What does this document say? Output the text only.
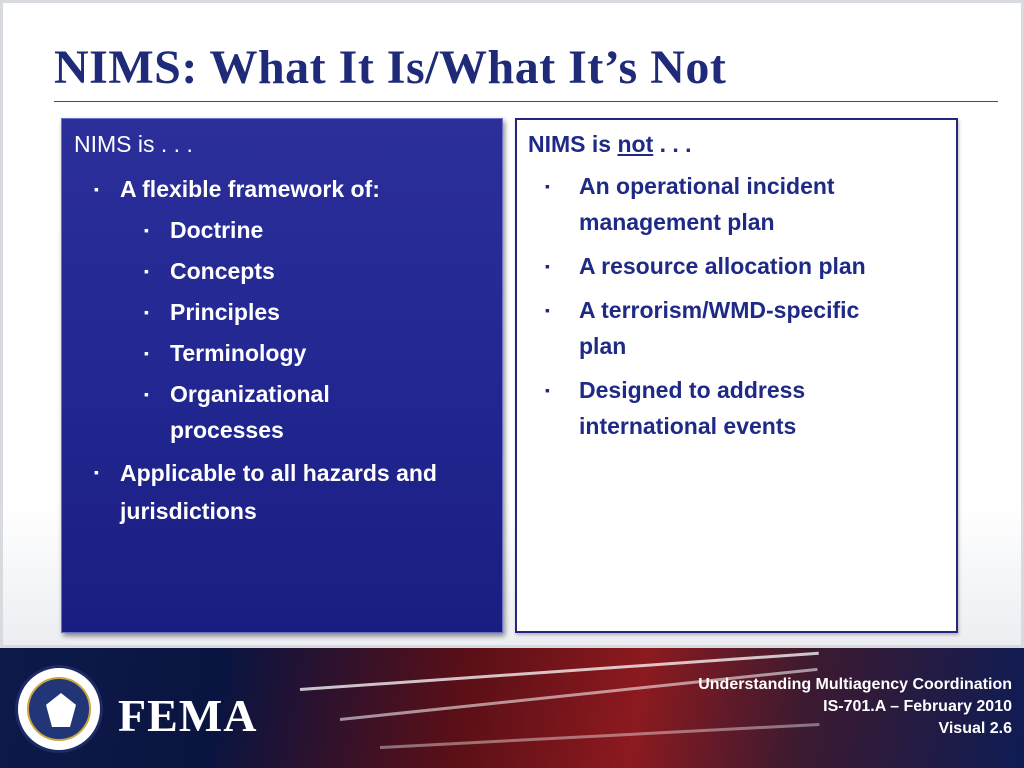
NIMS: What It Is/What It’s Not
NIMS is . . .
▪ A flexible framework of:
▪ Doctrine
▪ Concepts
▪ Principles
▪ Terminology
▪ Organizational processes
▪ Applicable to all hazards and jurisdictions
NIMS is not . . .
▪ An operational incident management plan
▪ A resource allocation plan
▪ A terrorism/WMD-specific plan
▪ Designed to address international events
FEMA
Understanding Multiagency Coordination
IS-701.A – February 2010
Visual 2.6
